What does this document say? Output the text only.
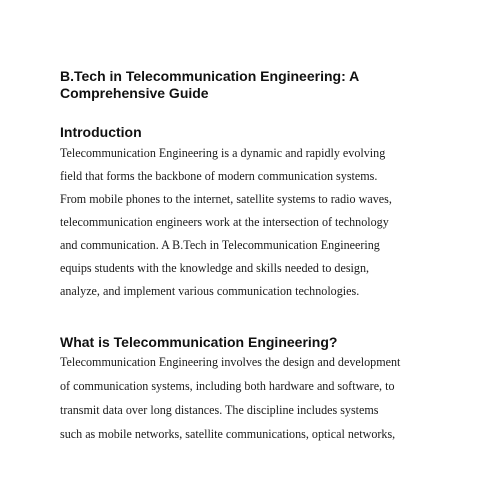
B.Tech in Telecommunication Engineering: A
Comprehensive Guide
Introduction

Telecommunication Engineering is a dynamic and rapidly evolving

field that forms the backbone of modern communication systems.

From mobile phones to the internet, satellite systems to radio waves,

telecommunication engineers work at the intersection of technology

and communication. A B.Tech in Telecommunication Engineering

equips students with the knowledge and skills needed to design,

analyze, and implement various communication technologies.

What is Telecommunication Engineering?

Telecommunication Engineering involves the design and development

of communication systems, including both hardware and software, to

transmit data over long distances. The discipline includes systems

such as mobile networks, satellite communications, optical networks,
